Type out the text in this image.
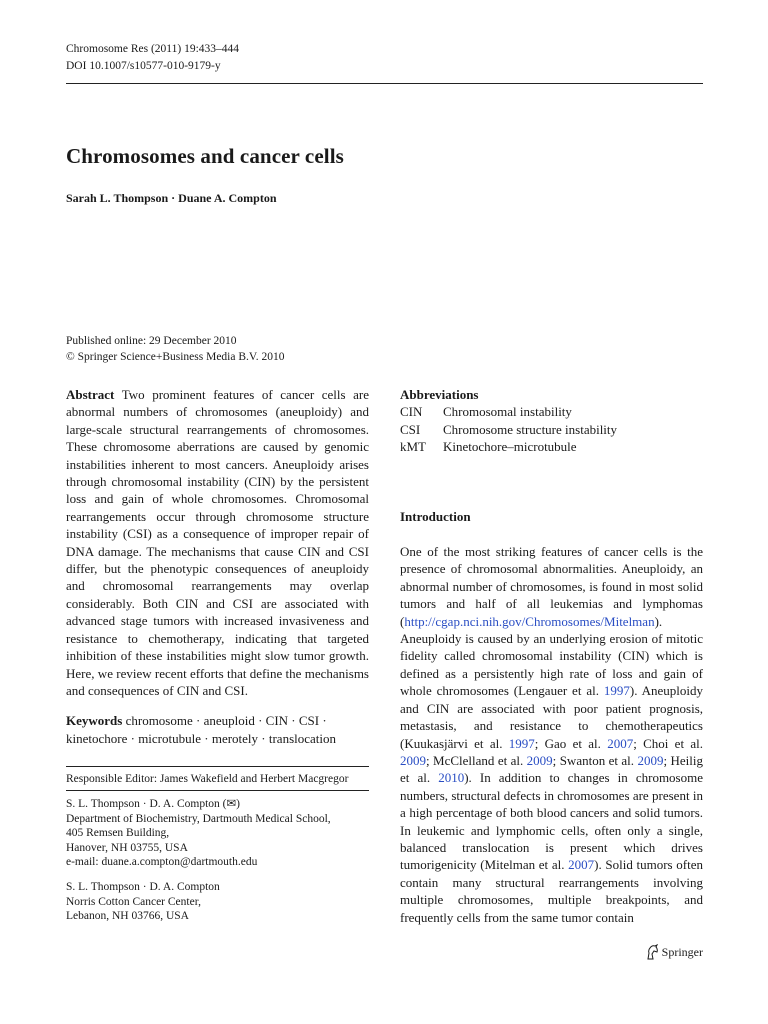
Chromosome Res (2011) 19:433–444
DOI 10.1007/s10577-010-9179-y
Chromosomes and cancer cells
Sarah L. Thompson · Duane A. Compton
Published online: 29 December 2010
© Springer Science+Business Media B.V. 2010

Abstract Two prominent features of cancer cells are abnormal numbers of chromosomes (aneuploidy) and large-scale structural rearrangements of chromosomes. These chromosome aberrations are caused by genomic instabilities inherent to most cancers. Aneuploidy arises through chromosomal instability (CIN) by the persistent loss and gain of whole chromosomes. Chromosomal rearrangements occur through chromosome structure instability (CSI) as a consequence of improper repair of DNA damage. The mechanisms that cause CIN and CSI differ, but the phenotypic consequences of aneuploidy and chromosomal rearrangements may overlap considerably. Both CIN and CSI are associated with advanced stage tumors with increased invasiveness and resistance to chemotherapy, indicating that targeted inhibition of these instabilities might slow tumor growth. Here, we review recent efforts that define the mechanisms and consequences of CIN and CSI.

Keywords chromosome · aneuploid · CIN · CSI · kinetochore · microtubule · merotely · translocation

Responsible Editor: James Wakefield and Herbert Macgregor
S. L. Thompson · D. A. Compton (✉)
Department of Biochemistry, Dartmouth Medical School,
405 Remsen Building,
Hanover, NH 03755, USA
e-mail: duane.a.compton@dartmouth.edu
S. L. Thompson · D. A. Compton
Norris Cotton Cancer Center,
Lebanon, NH 03766, USA

Abbreviations

CIN	Chromosomal instability
CSI	Chromosome structure instability
kMT	Kinetochore–microtubule

Introduction

One of the most striking features of cancer cells is the presence of chromosomal abnormalities. Aneuploidy, an abnormal number of chromosomes, is found in most solid tumors and half of all leukemias and lymphomas (http://cgap.nci.nih.gov/Chromosomes/Mitelman). Aneuploidy is caused by an underlying erosion of mitotic fidelity called chromosomal instability (CIN) which is defined as a persistently high rate of loss and gain of whole chromosomes (Lengauer et al. 1997). Aneuploidy and CIN are associated with poor patient prognosis, metastasis, and resistance to chemotherapeutics (Kuukasjärvi et al. 1997; Gao et al. 2007; Choi et al. 2009; McClelland et al. 2009; Swanton et al. 2009; Heilig et al. 2010). In addition to changes in chromosome numbers, structural defects in chromosomes are present in a high percentage of both blood cancers and solid tumors. In leukemic and lymphomic cells, often only a single, balanced translocation is present which drives tumorigenicity (Mitelman et al. 2007). Solid tumors often contain many structural rearrangements involving multiple chromosomes, multiple breakpoints, and frequently cells from the same tumor contain

Springer
